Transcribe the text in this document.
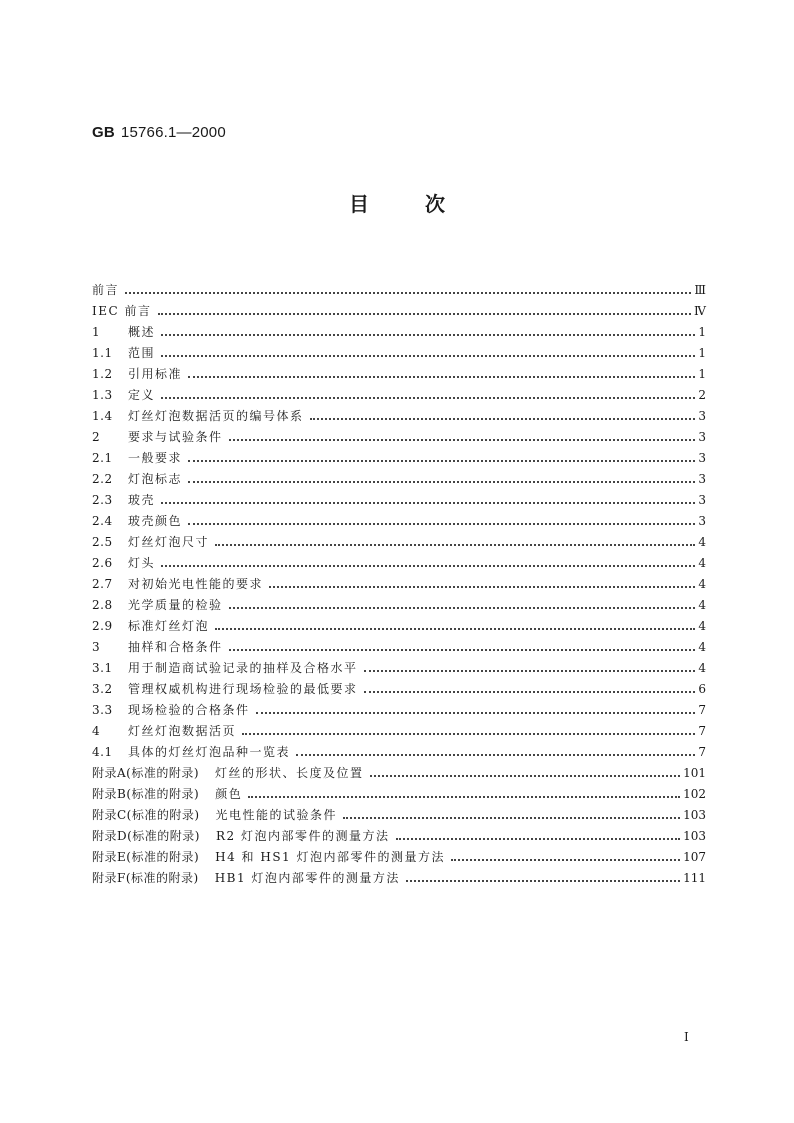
GB 15766.1—2000
目次
前言	Ⅲ
IEC 前言	Ⅳ
1	概述	1
1.1	范围	1
1.2	引用标准	1
1.3	定义	2
1.4	灯丝灯泡数据活页的编号体系	3
2	要求与试验条件	3
2.1	一般要求	3
2.2	灯泡标志	3
2.3	玻壳	3
2.4	玻壳颜色	3
2.5	灯丝灯泡尺寸	4
2.6	灯头	4
2.7	对初始光电性能的要求	4
2.8	光学质量的检验	4
2.9	标准灯丝灯泡	4
3	抽样和合格条件	4
3.1	用于制造商试验记录的抽样及合格水平	4
3.2	管理权威机构进行现场检验的最低要求	6
3.3	现场检验的合格条件	7
4	灯丝灯泡数据活页	7
4.1	具体的灯丝灯泡品种一览表	7
附录A(标准的附录) 灯丝的形状、长度及位置	101
附录B(标准的附录) 颜色	102
附录C(标准的附录) 光电性能的试验条件	103
附录D(标准的附录) R2 灯泡内部零件的测量方法	103
附录E(标准的附录) H4 和 HS1 灯泡内部零件的测量方法	107
附录F(标准的附录) HB1 灯泡内部零件的测量方法	111
I
